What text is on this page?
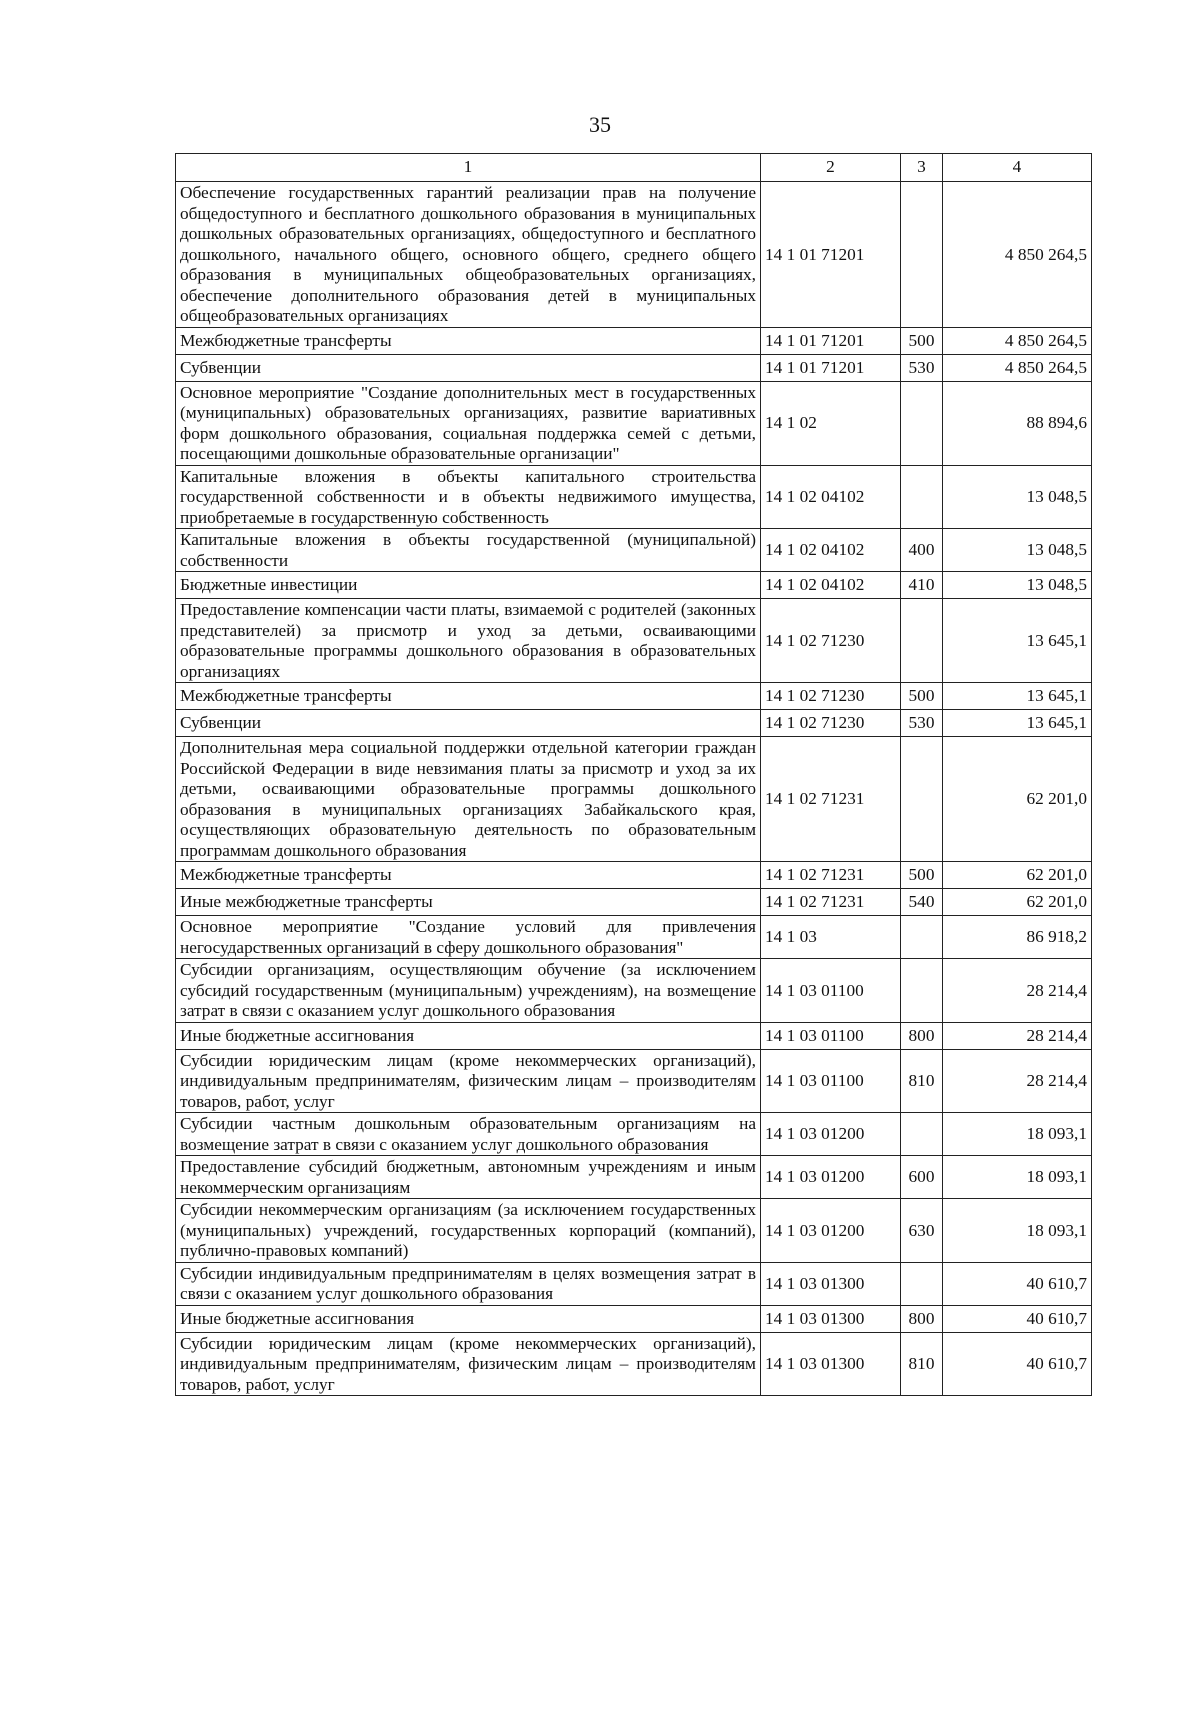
35
1	2	3	4
Обеспечение государственных гарантий реализации прав на получение общедоступного и бесплатного дошкольного образования в муниципальных дошкольных образовательных организациях, общедоступного и бесплатного дошкольного, начального общего, основного общего, среднего общего образования в муниципальных общеобразовательных организациях, обеспечение дополнительного образования детей в муниципальных общеобразовательных организациях	14 1 01 71201		4 850 264,5
Межбюджетные трансферты	14 1 01 71201	500	4 850 264,5
Субвенции	14 1 01 71201	530	4 850 264,5
Основное мероприятие "Создание дополнительных мест в государственных (муниципальных) образовательных организациях, развитие вариативных форм дошкольного образования, социальная поддержка семей с детьми, посещающими дошкольные образовательные организации"	14 1 02		88 894,6
Капитальные вложения в объекты капитального строительства государственной собственности и в объекты недвижимого имущества, приобретаемые в государственную собственность	14 1 02 04102		13 048,5
Капитальные вложения в объекты государственной (муниципальной) собственности	14 1 02 04102	400	13 048,5
Бюджетные инвестиции	14 1 02 04102	410	13 048,5
Предоставление компенсации части платы, взимаемой с родителей (законных представителей) за присмотр и уход за детьми, осваивающими образовательные программы дошкольного образования в образовательных организациях	14 1 02 71230		13 645,1
Межбюджетные трансферты	14 1 02 71230	500	13 645,1
Субвенции	14 1 02 71230	530	13 645,1
Дополнительная мера социальной поддержки отдельной категории граждан Российской Федерации в виде невзимания платы за присмотр и уход за их детьми, осваивающими образовательные программы дошкольного образования в муниципальных организациях Забайкальского края, осуществляющих образовательную деятельность по образовательным программам дошкольного образования	14 1 02 71231		62 201,0
Межбюджетные трансферты	14 1 02 71231	500	62 201,0
Иные межбюджетные трансферты	14 1 02 71231	540	62 201,0
Основное мероприятие "Создание условий для привлечения негосударственных организаций в сферу дошкольного образования"	14 1 03		86 918,2
Субсидии организациям, осуществляющим обучение (за исключением субсидий государственным (муниципальным) учреждениям), на возмещение затрат в связи с оказанием услуг дошкольного образования	14 1 03 01100		28 214,4
Иные бюджетные ассигнования	14 1 03 01100	800	28 214,4
Субсидии юридическим лицам (кроме некоммерческих организаций), индивидуальным предпринимателям, физическим лицам – производителям товаров, работ, услуг	14 1 03 01100	810	28 214,4
Субсидии частным дошкольным образовательным организациям на возмещение затрат в связи с оказанием услуг дошкольного образования	14 1 03 01200		18 093,1
Предоставление субсидий бюджетным, автономным учреждениям и иным некоммерческим организациям	14 1 03 01200	600	18 093,1
Субсидии некоммерческим организациям (за исключением государственных (муниципальных) учреждений, государственных корпораций (компаний), публично-правовых компаний)	14 1 03 01200	630	18 093,1
Субсидии индивидуальным предпринимателям в целях возмещения затрат в связи с оказанием услуг дошкольного образования	14 1 03 01300		40 610,7
Иные бюджетные ассигнования	14 1 03 01300	800	40 610,7
Субсидии юридическим лицам (кроме некоммерческих организаций), индивидуальным предпринимателям, физическим лицам – производителям товаров, работ, услуг	14 1 03 01300	810	40 610,7
